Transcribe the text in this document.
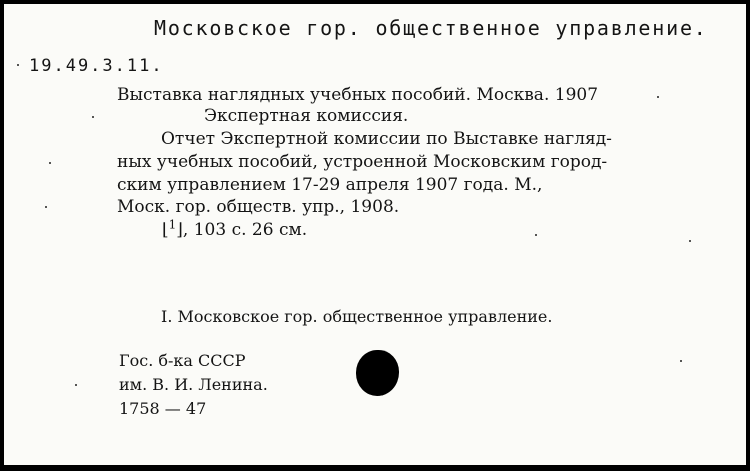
Московское гор. общественное управление.
19.49.3.11.
Выставка наглядных учебных пособий. Москва. 1907
Экспертная комиссия.
Отчет Экспертной комиссии по Выставке нагляд-
ных учебных пособий, устроенной Московским город-
ским управлением 17-29 апреля 1907 года. М.,
Моск. гор. обществ. упр., 1908.
⌊$^1$⌋, 103 с. 26 см.
I. Московское гор. общественное управление.
Гос. б-ка СССР
им. В. И. Ленина.
1758 — 47
